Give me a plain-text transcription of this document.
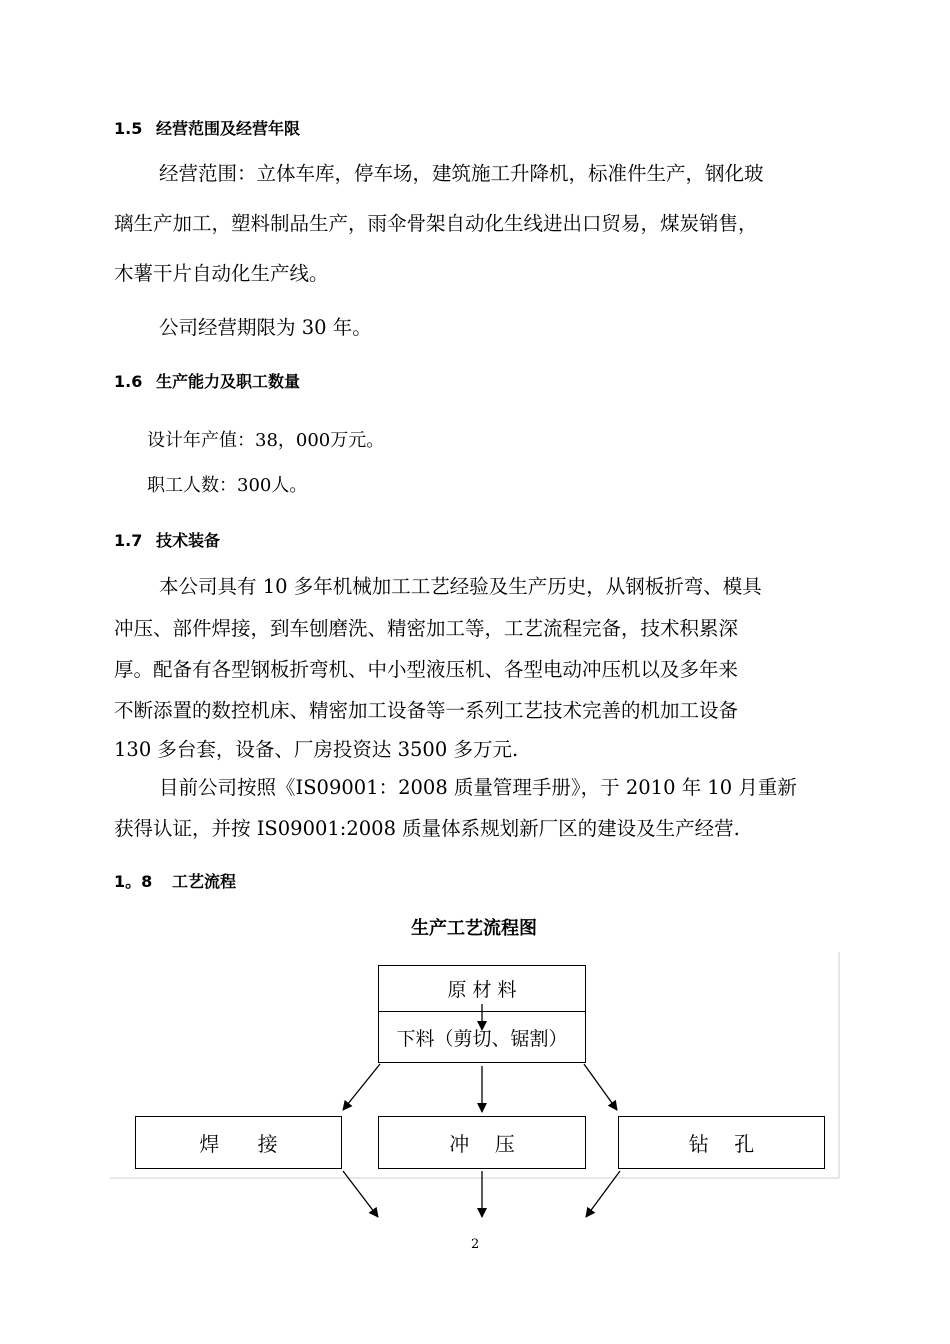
1.5 经营范围及经营年限
经营范围：立体车库，停车场，建筑施工升降机，标准件生产，钢化玻
璃生产加工，塑料制品生产，雨伞骨架自动化生线进出口贸易，煤炭销售，
木薯干片自动化生产线。
公司经营期限为 30 年。
1.6 生产能力及职工数量
设计年产值：38，000万元。
职工人数：300人。
1.7 技术装备
本公司具有 10 多年机械加工工艺经验及生产历史，从钢板折弯、模具
冲压、部件焊接，到车刨磨洗、精密加工等，工艺流程完备，技术积累深
厚。配备有各型钢板折弯机、中小型液压机、各型电动冲压机以及多年来
不断添置的数控机床、精密加工设备等一系列工艺技术完善的机加工设备
130 多台套，设备、厂房投资达 3500 多万元.
目前公司按照《IS09001：2008 质量管理手册》，于 2010 年 10 月重新
获得认证，并按 IS09001:2008 质量体系规划新厂区的建设及生产经营.
1。8 工艺流程
生产工艺流程图
原 材 料
下料（剪切、锯割）
焊      接	冲    压	钻    孔
2
